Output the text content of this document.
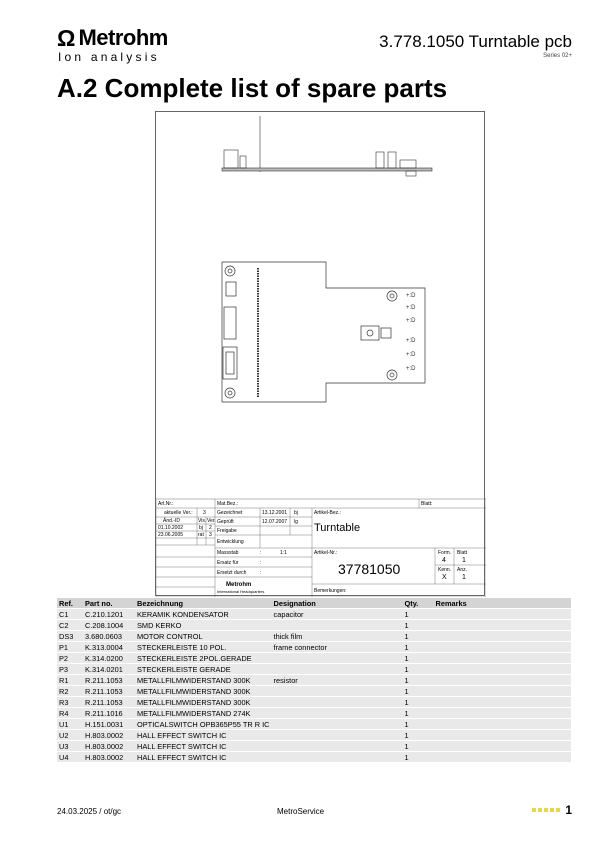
Ω Metrohm
Ion analysis
3.778.1050 Turntable pcb
Series 02+
A.2 Complete list of spare parts
+:D
+:D
+:D
+:D
+:D
+:D
Art.Nr.:	Mat.Bez.:	Blatt:
aktuelle Ver.: 3
Änd.-ID	Vis. Ver.
01.10.2002	bj 2
23.06.2005	rat 3
Gezeichnet	13.12.2001 bj
Geprüft	12.07.2007 lg
Freigabe
Entwicklung
Massstab	:	1:1
Ersatz für	:
Ersetzt durch	:
Artikel-Bez.:
Turntable
Artikel-Nr.:
37781050
Form.
4
Blatt
1
Kenn.
X
Anz.
1
Bemerkungen:
Metrohm
International Headquarters
Ref.	Part no.	Bezeichnung	Designation	Qty.	Remarks
C1	C.210.1201	KERAMIK KONDENSATOR	capacitor	1	
C2	C.208.1004	SMD KERKO		1	
DS3	3.680.0603	MOTOR CONTROL	thick film	1	
P1	K.313.0004	STECKERLEISTE 10 POL.	frame connector	1	
P2	K.314.0200	STECKERLEISTE 2POL.GERADE		1	
P3	K.314.0201	STECKERLEISTE GERADE		1	
R1	R.211.1053	METALLFILMWIDERSTAND 300K	resistor	1	
R2	R.211.1053	METALLFILMWIDERSTAND 300K		1	
R3	R.211.1053	METALLFILMWIDERSTAND 300K		1	
R4	R.211.1016	METALLFILMWIDERSTAND 274K		1	
U1	H.151.0031	OPTICALSWITCH OPB365P55 TR R IC		1	
U2	H.803.0002	HALL EFFECT SWITCH IC		1	
U3	H.803.0002	HALL EFFECT SWITCH IC		1	
U4	H.803.0002	HALL EFFECT SWITCH IC		1	
24.03.2025 / ot/gc	MetroService	1
